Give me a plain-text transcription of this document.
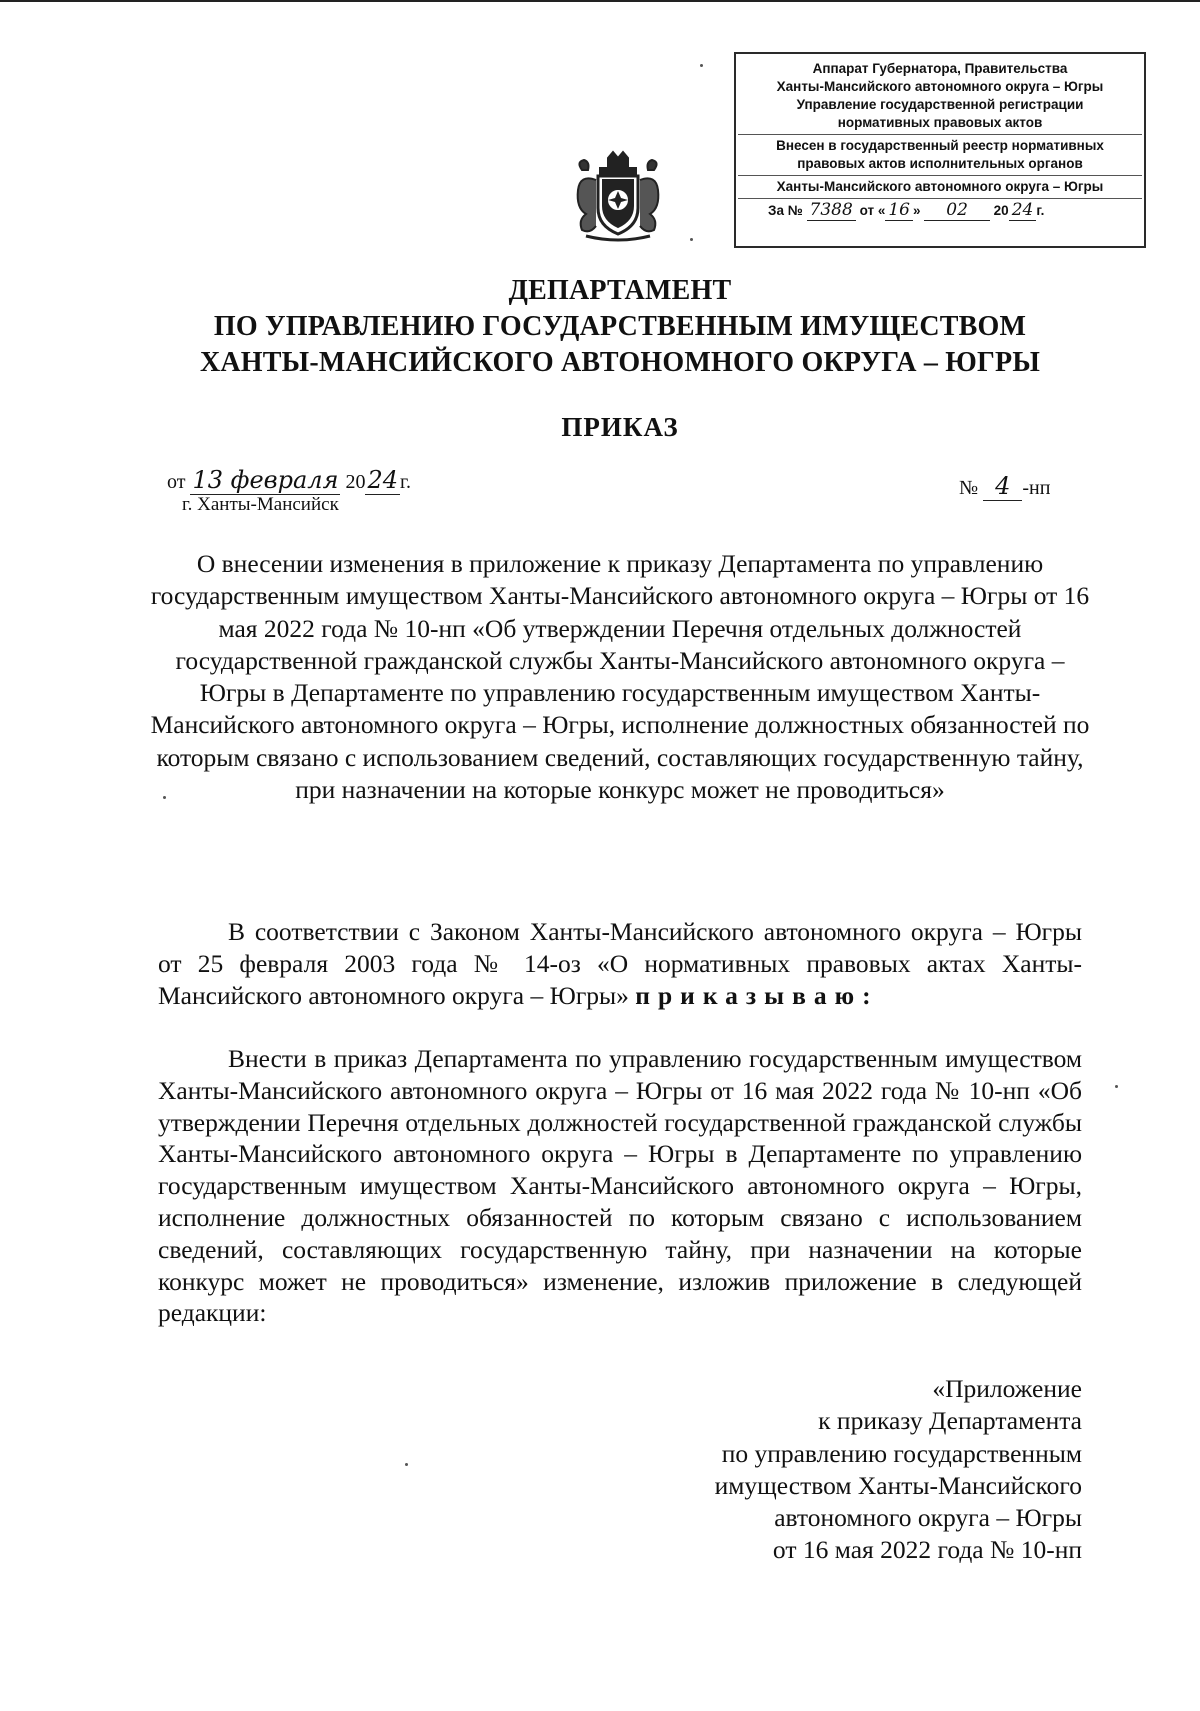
Аппарат Губернатора, Правительства
Ханты-Мансийского автономного округа – Югры
Управление государственной регистрации
нормативных правовых актов
Внесен в государственный реестр нормативных
правовых актов исполнительных органов
Ханты-Мансийского автономного округа – Югры
За № 7388 от « 16 » 02 20 24 г.
ДЕПАРТАМЕНТ
ПО УПРАВЛЕНИЮ ГОСУДАРСТВЕННЫМ ИМУЩЕСТВОМ
ХАНТЫ-МАНСИЙСКОГО АВТОНОМНОГО ОКРУГА – ЮГРЫ
ПРИКАЗ
от 13 февраля 2024 г.
г. Ханты-Мансийск
№ 4 -нп
О внесении изменения в приложение к приказу Департамента по управлению государственным имуществом Ханты-Мансийского автономного округа – Югры от 16 мая 2022 года № 10-нп «Об утверждении Перечня отдельных должностей государственной гражданской службы Ханты-Мансийского автономного округа – Югры в Департаменте по управлению государственным имуществом Ханты-Мансийского автономного округа – Югры, исполнение должностных обязанностей по которым связано с использованием сведений, составляющих государственную тайну, при назначении на которые конкурс может не проводиться»
В соответствии с Законом Ханты-Мансийского автономного округа – Югры от 25 февраля 2003 года № 14-оз «О нормативных правовых актах Ханты-Мансийского автономного округа – Югры» приказываю:
Внести в приказ Департамента по управлению государственным имуществом Ханты-Мансийского автономного округа – Югры от 16 мая 2022 года № 10-нп «Об утверждении Перечня отдельных должностей государственной гражданской службы Ханты-Мансийского автономного округа – Югры в Департаменте по управлению государственным имуществом Ханты-Мансийского автономного округа – Югры, исполнение должностных обязанностей по которым связано с использованием сведений, составляющих государственную тайну, при назначении на которые конкурс может не проводиться» изменение, изложив приложение в следующей редакции:
«Приложение
к приказу Департамента
по управлению государственным
имуществом Ханты-Мансийского
автономного округа – Югры
от 16 мая 2022 года № 10-нп
